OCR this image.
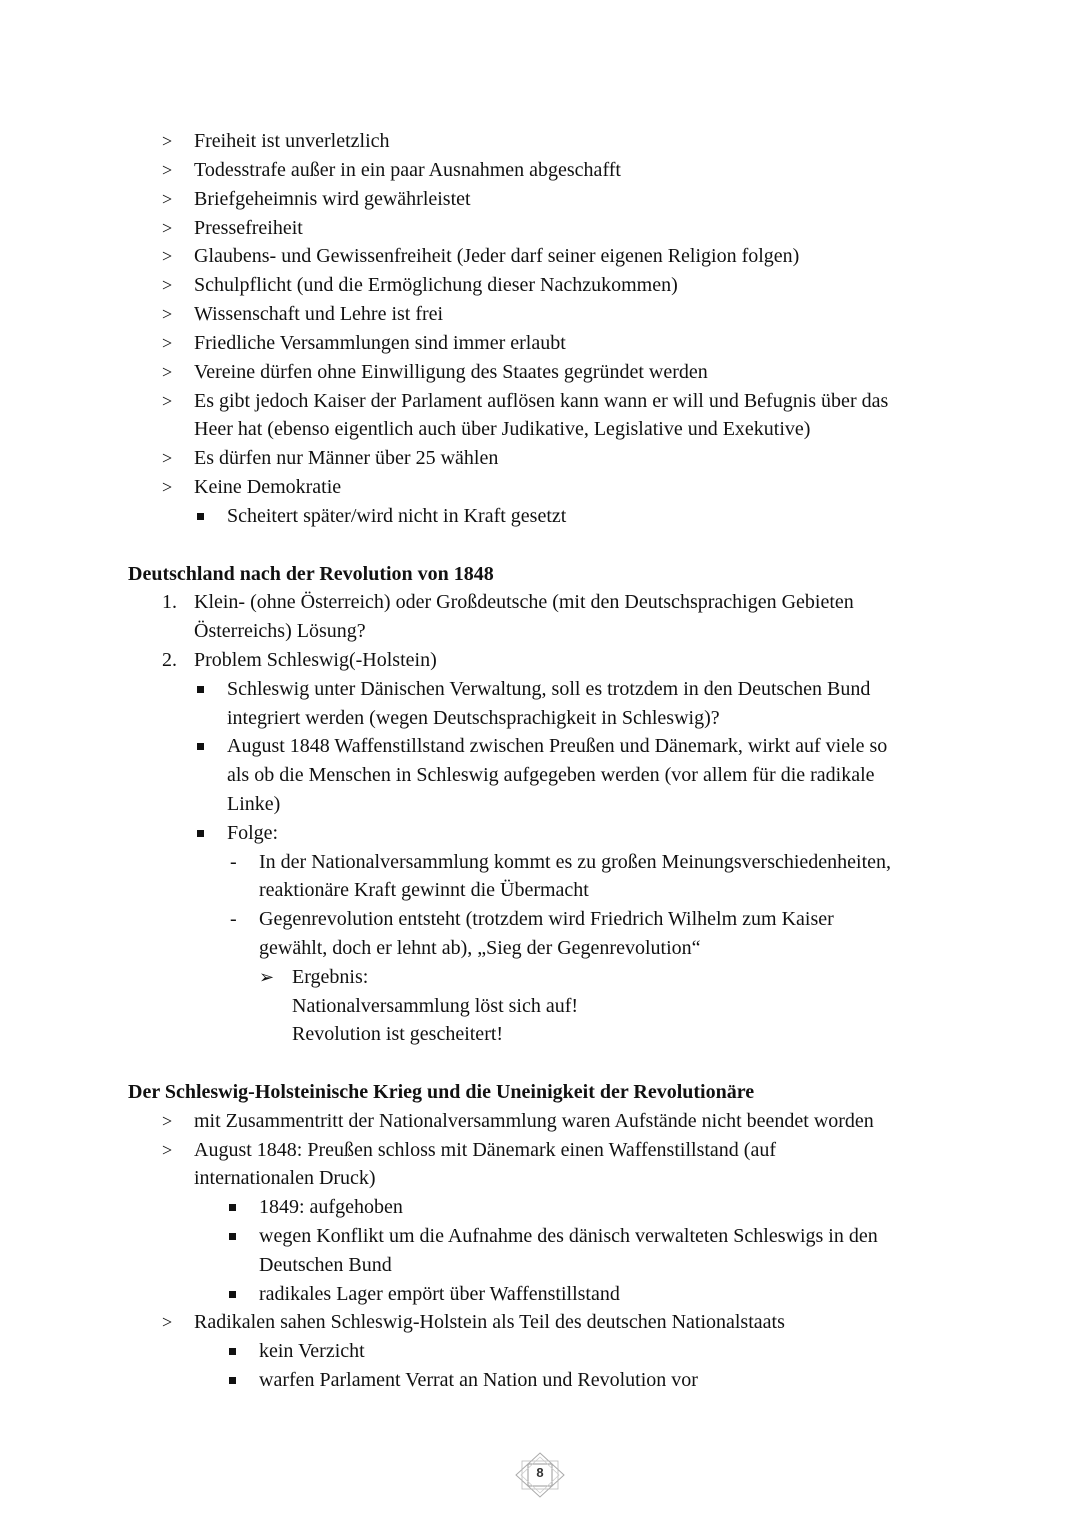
> Freiheit ist unverletzlich
> Todesstrafe außer in ein paar Ausnahmen abgeschafft
> Briefgeheimnis wird gewährleistet
> Pressefreiheit
> Glaubens- und Gewissenfreiheit (Jeder darf seiner eigenen Religion folgen)
> Schulpflicht (und die Ermöglichung dieser Nachzukommen)
> Wissenschaft und Lehre ist frei
> Friedliche Versammlungen sind immer erlaubt
> Vereine dürfen ohne Einwilligung des Staates gegründet werden
> Es gibt jedoch Kaiser der Parlament auflösen kann wann er will und Befugnis über das
Heer hat (ebenso eigentlich auch über Judikative, Legislative und Exekutive)
> Es dürfen nur Männer über 25 wählen
> Keine Demokratie
Scheitert später/wird nicht in Kraft gesetzt
Deutschland nach der Revolution von 1848
1. Klein- (ohne Österreich) oder Großdeutsche (mit den Deutschsprachigen Gebieten
Österreichs) Lösung?
2. Problem Schleswig(-Holstein)
Schleswig unter Dänischen Verwaltung, soll es trotzdem in den Deutschen Bund
integriert werden (wegen Deutschsprachigkeit in Schleswig)?
August 1848 Waffenstillstand zwischen Preußen und Dänemark, wirkt auf viele so
als ob die Menschen in Schleswig aufgegeben werden (vor allem für die radikale
Linke)
Folge:
- In der Nationalversammlung kommt es zu großen Meinungsverschiedenheiten,
reaktionäre Kraft gewinnt die Übermacht
- Gegenrevolution entsteht (trotzdem wird Friedrich Wilhelm zum Kaiser
gewählt, doch er lehnt ab), „Sieg der Gegenrevolution“
➢ Ergebnis:
Nationalversammlung löst sich auf!
Revolution ist gescheitert!
Der Schleswig-Holsteinische Krieg und die Uneinigkeit der Revolutionäre
> mit Zusammentritt der Nationalversammlung waren Aufstände nicht beendet worden
> August 1848: Preußen schloss mit Dänemark einen Waffenstillstand (auf
internationalen Druck)
1849: aufgehoben
wegen Konflikt um die Aufnahme des dänisch verwalteten Schleswigs in den
Deutschen Bund
radikales Lager empört über Waffenstillstand
> Radikalen sahen Schleswig-Holstein als Teil des deutschen Nationalstaats
kein Verzicht
warfen Parlament Verrat an Nation und Revolution vor
8
